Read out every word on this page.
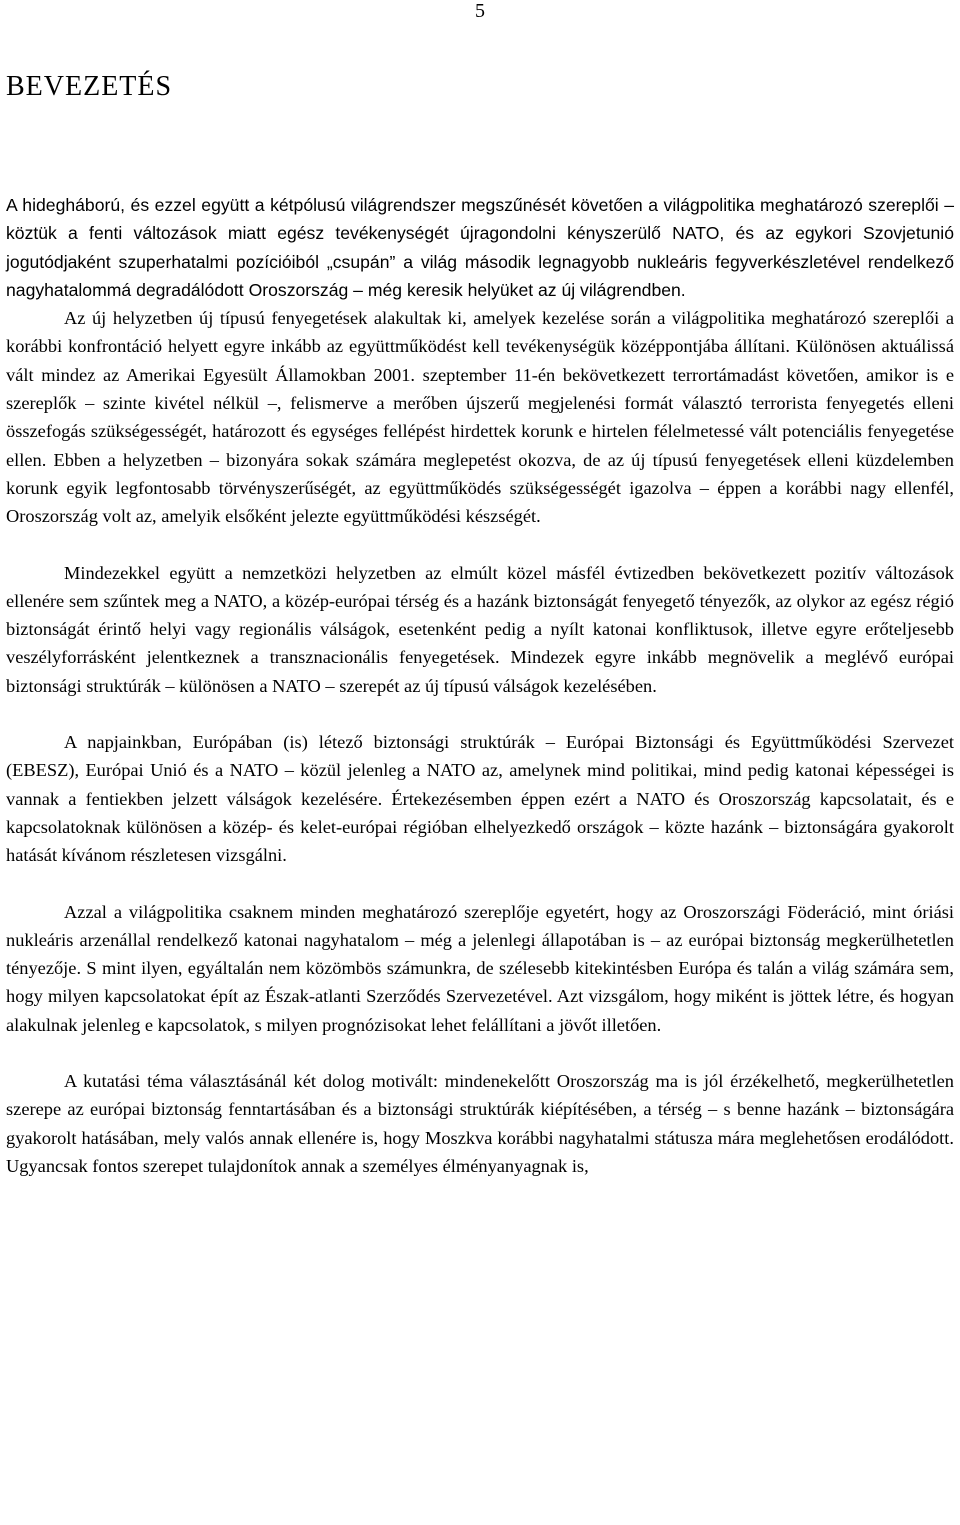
5
BEVEZETÉS

A hidegháború, és ezzel együtt a kétpólusú világrendszer megszűnését követően a világpolitika meghatározó szereplői – köztük a fenti változások miatt egész tevékenységét újragondolni kényszerülő NATO, és az egykori Szovjetunió jogutódjaként szuperhatalmi pozícióiból „csupán” a világ második legnagyobb nukleáris fegyverkészletével rendelkező nagyhatalommá degradálódott Oroszország – még keresik helyüket az új világrendben.

Az új helyzetben új típusú fenyegetések alakultak ki, amelyek kezelése során a világpolitika meghatározó szereplői a korábbi konfrontáció helyett egyre inkább az együttműködést kell tevékenységük középpontjába állítani. Különösen aktuálissá vált mindez az Amerikai Egyesült Államokban 2001. szeptember 11-én bekövetkezett terrortámadást követően, amikor is e szereplők – szinte kivétel nélkül –, felismerve a merőben újszerű megjelenési formát választó terrorista fenyegetés elleni összefogás szükségességét, határozott és egységes fellépést hirdettek korunk e hirtelen félelmetessé vált potenciális fenyegetése ellen. Ebben a helyzetben – bizonyára sokak számára meglepetést okozva, de az új típusú fenyegetések elleni küzdelemben korunk egyik legfontosabb törvényszerűségét, az együttműködés szükségességét igazolva – éppen a korábbi nagy ellenfél, Oroszország volt az, amelyik elsőként jelezte együttműködési készségét.

Mindezekkel együtt a nemzetközi helyzetben az elmúlt közel másfél évtizedben bekövetkezett pozitív változások ellenére sem szűntek meg a NATO, a közép-európai térség és a hazánk biztonságát fenyegető tényezők, az olykor az egész régió biztonságát érintő helyi vagy regionális válságok, esetenként pedig a nyílt katonai konfliktusok, illetve egyre erőteljesebb veszélyforrásként jelentkeznek a transznacionális fenyegetések. Mindezek egyre inkább megnövelik a meglévő európai biztonsági struktúrák – különösen a NATO – szerepét az új típusú válságok kezelésében.

A napjainkban, Európában (is) létező biztonsági struktúrák – Európai Biztonsági és Együttműködési Szervezet (EBESZ), Európai Unió és a NATO – közül jelenleg a NATO az, amelynek mind politikai, mind pedig katonai képességei is vannak a fentiekben jelzett válságok kezelésére. Értekezésemben éppen ezért a NATO és Oroszország kapcsolatait, és e kapcsolatoknak különösen a közép- és kelet-európai régióban elhelyezkedő országok – közte hazánk – biztonságára gyakorolt hatását kívánom részletesen vizsgálni.

Azzal a világpolitika csaknem minden meghatározó szereplője egyetért, hogy az Oroszországi Föderáció, mint óriási nukleáris arzenállal rendelkező katonai nagyhatalom – még a jelenlegi állapotában is – az európai biztonság megkerülhetetlen tényezője. S mint ilyen, egyáltalán nem közömbös számunkra, de szélesebb kitekintésben Európa és talán a világ számára sem, hogy milyen kapcsolatokat épít az Észak-atlanti Szerződés Szervezetével. Azt vizsgálom, hogy miként is jöttek létre, és hogyan alakulnak jelenleg e kapcsolatok, s milyen prognózisokat lehet felállítani a jövőt illetően.

A kutatási téma választásánál két dolog motivált: mindenekelőtt Oroszország ma is jól érzékelhető, megkerülhetetlen szerepe az európai biztonság fenntartásában és a biztonsági struktúrák kiépítésében, a térség – s benne hazánk – biztonságára gyakorolt hatásában, mely valós annak ellenére is, hogy Moszkva korábbi nagyhatalmi státusza mára meglehetősen erodálódott. Ugyancsak fontos szerepet tulajdonítok annak a személyes élményanyagnak is,
